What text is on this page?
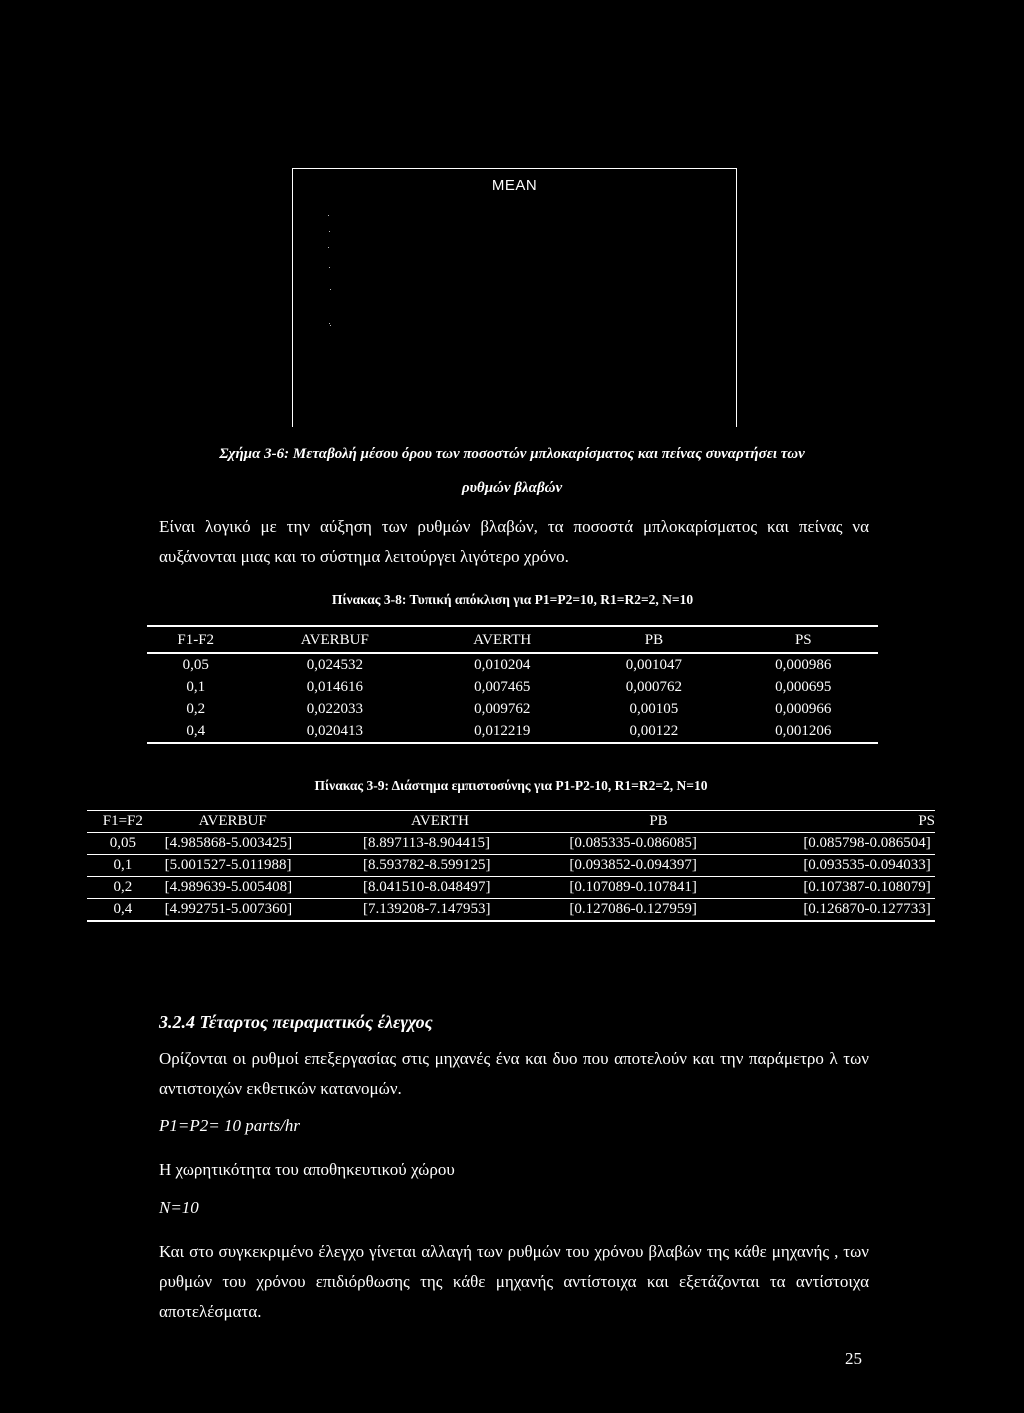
MEAN
Σχήμα 3-6: Μεταβολή μέσου όρου των ποσοστών μπλοκαρίσματος και πείνας συναρτήσει των
ρυθμών βλαβών
Είναι λογικό με την αύξηση των ρυθμών βλαβών, τα ποσοστά μπλοκαρίσματος και πείνας να αυξάνονται μιας και το σύστημα λειτούργει λιγότερο χρόνο.
Πίνακας 3-8: Τυπική απόκλιση για P1=P2=10, R1=R2=2, N=10
F1-F2	AVERBUF	AVERTH	PB	PS
0,05	0,024532	0,010204	0,001047	0,000986
0,1	0,014616	0,007465	0,000762	0,000695
0,2	0,022033	0,009762	0,00105	0,000966
0,4	0,020413	0,012219	0,00122	0,001206
Πίνακας 3-9: Διάστημα εμπιστοσύνης για P1-P2-10, R1=R2=2, N=10
F1=F2	AVERBUF	AVERTH	PB	PS
0,05	[4.985868-5.003425]	[8.897113-8.904415]	[0.085335-0.086085]	[0.085798-0.086504]
0,1	[5.001527-5.011988]	[8.593782-8.599125]	[0.093852-0.094397]	[0.093535-0.094033]
0,2	[4.989639-5.005408]	[8.041510-8.048497]	[0.107089-0.107841]	[0.107387-0.108079]
0,4	[4.992751-5.007360]	[7.139208-7.147953]	[0.127086-0.127959]	[0.126870-0.127733]
3.2.4 Τέταρτος πειραματικός έλεγχος
Ορίζονται οι ρυθμοί επεξεργασίας στις μηχανές ένα και δυο που αποτελούν και την παράμετρο λ των αντιστοιχών εκθετικών κατανομών.
P1=P2= 10 parts/hr
Η χωρητικότητα του αποθηκευτικού χώρου
N=10
Και στο συγκεκριμένο έλεγχο γίνεται αλλαγή των ρυθμών του χρόνου βλαβών της κάθε μηχανής , των ρυθμών του χρόνου επιδιόρθωσης της κάθε μηχανής αντίστοιχα και εξετάζονται τα αντίστοιχα αποτελέσματα.
25
